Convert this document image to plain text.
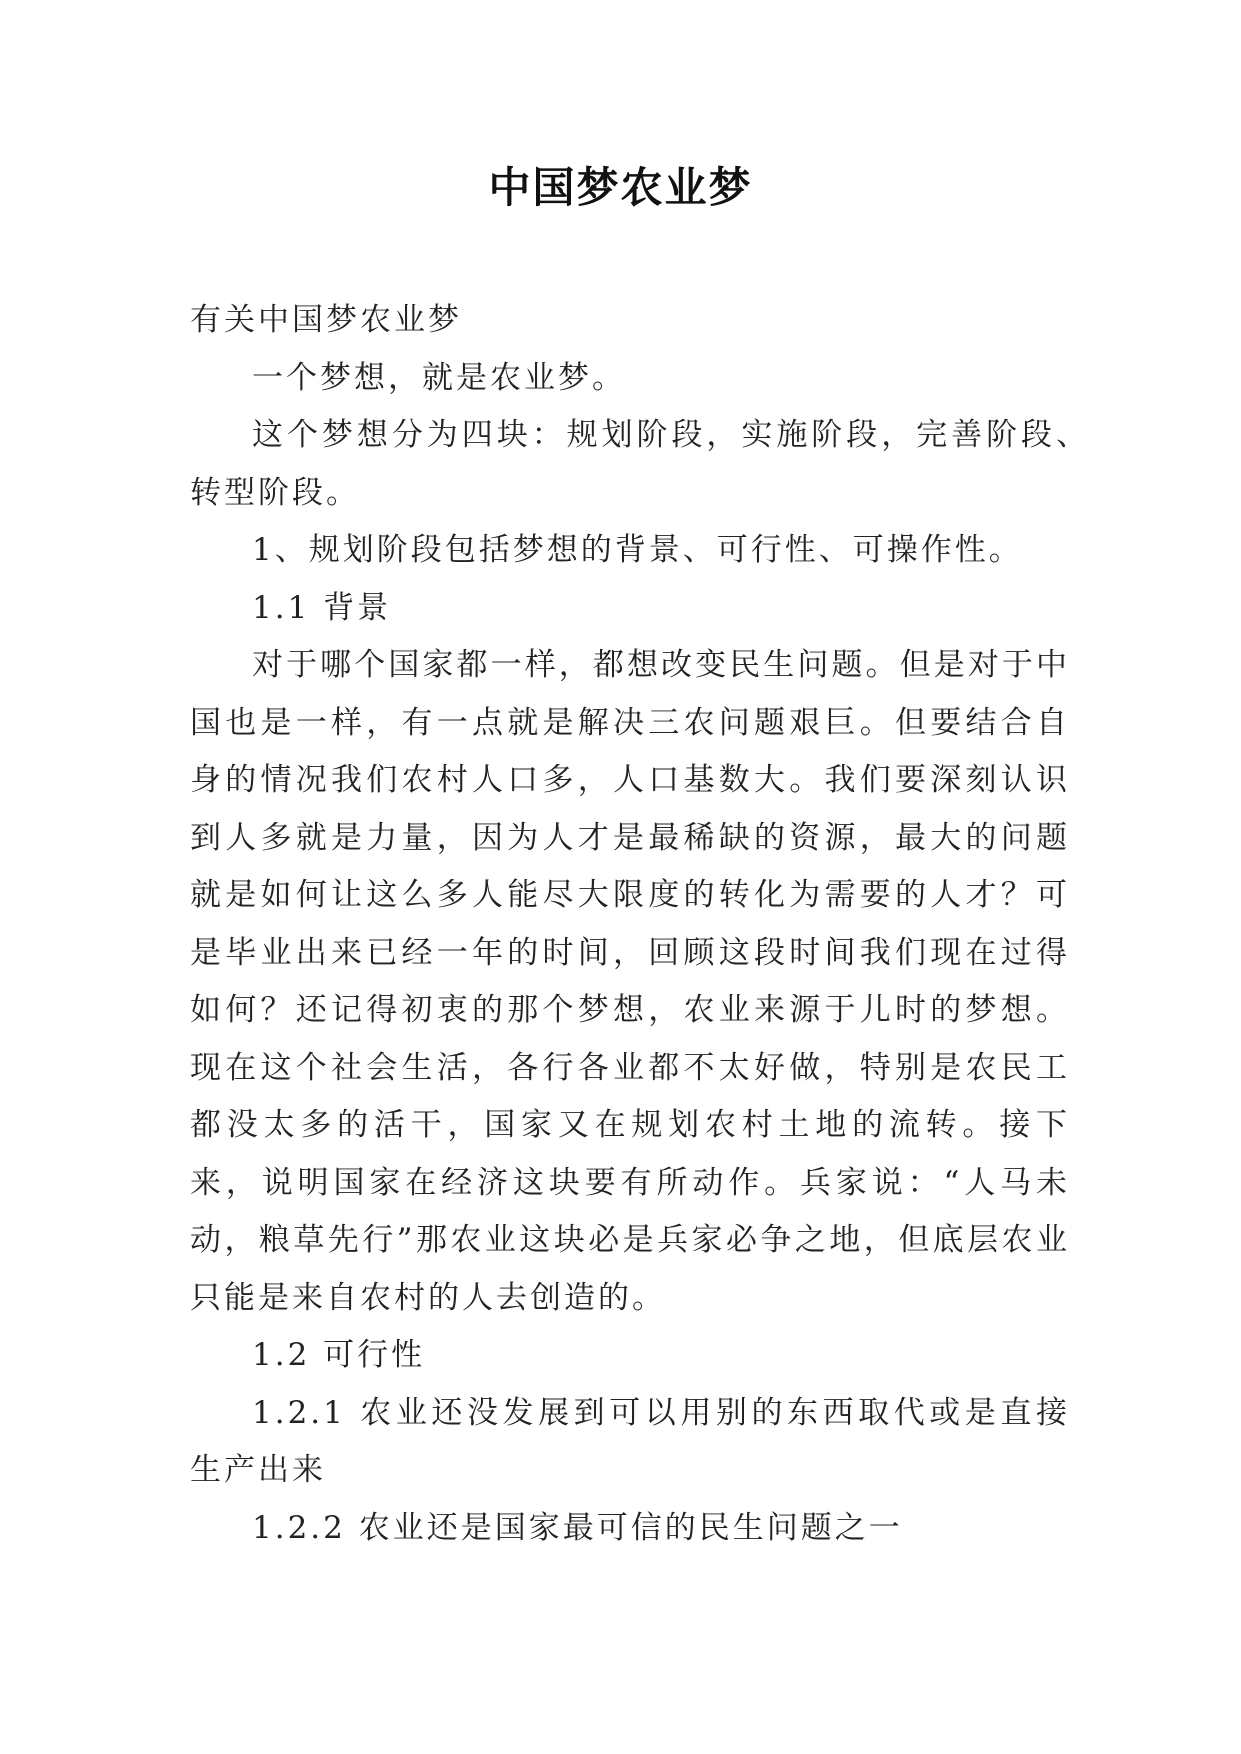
中国梦农业梦

有关中国梦农业梦

一个梦想，就是农业梦。

这个梦想分为四块：规划阶段，实施阶段，完善阶段、转型阶段。

1、规划阶段包括梦想的背景、可行性、可操作性。

1.1 背景

对于哪个国家都一样，都想改变民生问题。但是对于中国也是一样，有一点就是解决三农问题艰巨。但要结合自身的情况我们农村人口多，人口基数大。我们要深刻认识到人多就是力量，因为人才是最稀缺的资源，最大的问题就是如何让这么多人能尽大限度的转化为需要的人才？可是毕业出来已经一年的时间，回顾这段时间我们现在过得如何？还记得初衷的那个梦想，农业来源于儿时的梦想。现在这个社会生活，各行各业都不太好做，特别是农民工都没太多的活干，国家又在规划农村土地的流转。接下来，说明国家在经济这块要有所动作。兵家说：“人马未动，粮草先行”那农业这块必是兵家必争之地，但底层农业只能是来自农村的人去创造的。

1.2 可行性

1.2.1 农业还没发展到可以用别的东西取代或是直接生产出来

1.2.2 农业还是国家最可信的民生问题之一
